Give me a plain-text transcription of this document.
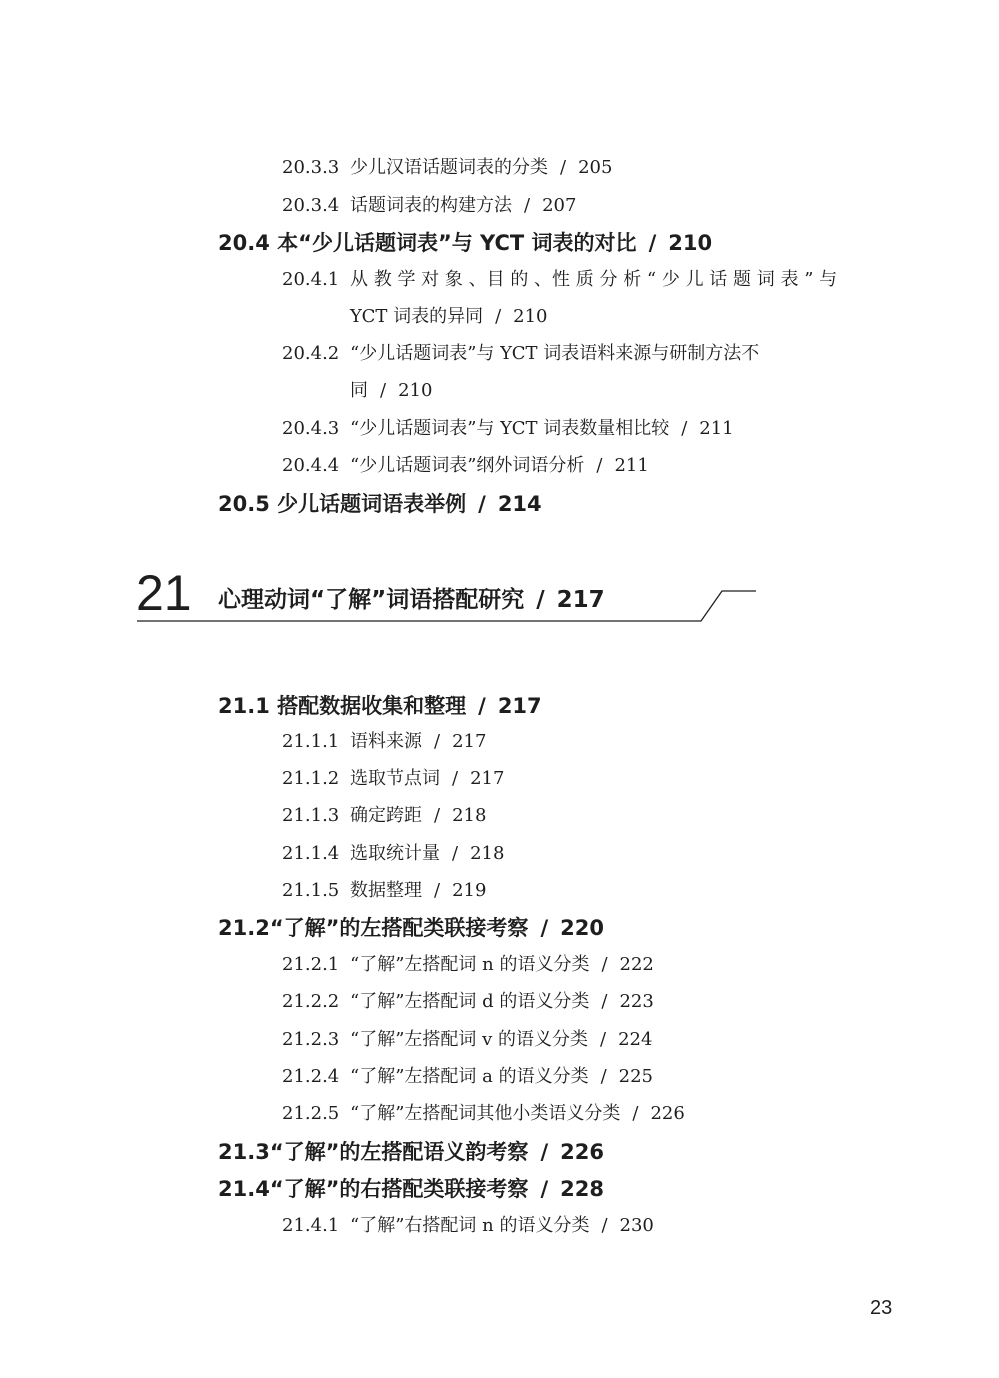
20.3.3 少儿汉语话题词表的分类 / 205
20.3.4 话题词表的构建方法 / 207
20.4 本“少儿话题词表”与 YCT 词表的对比 / 210
20.4.1 从 教 学 对 象 、目 的 、性 质 分 析 “ 少 儿 话 题 词 表 ” 与
YCT 词表的异同 / 210
20.4.2 “少儿话题词表”与 YCT 词表语料来源与研制方法不
同 / 210
20.4.3 “少儿话题词表”与 YCT 词表数量相比较 / 211
20.4.4 “少儿话题词表”纲外词语分析 / 211
20.5 少儿话题词语表举例 / 214
21 心理动词“了解”词语搭配研究 / 217
21.1 搭配数据收集和整理 / 217
21.1.1 语料来源 / 217
21.1.2 选取节点词 / 217
21.1.3 确定跨距 / 218
21.1.4 选取统计量 / 218
21.1.5 数据整理 / 219
21.2“了解”的左搭配类联接考察 / 220
21.2.1 “了解”左搭配词 n 的语义分类 / 222
21.2.2 “了解”左搭配词 d 的语义分类 / 223
21.2.3 “了解”左搭配词 v 的语义分类 / 224
21.2.4 “了解”左搭配词 a 的语义分类 / 225
21.2.5 “了解”左搭配词其他小类语义分类 / 226
21.3“了解”的左搭配语义韵考察 / 226
21.4“了解”的右搭配类联接考察 / 228
21.4.1 “了解”右搭配词 n 的语义分类 / 230
23
